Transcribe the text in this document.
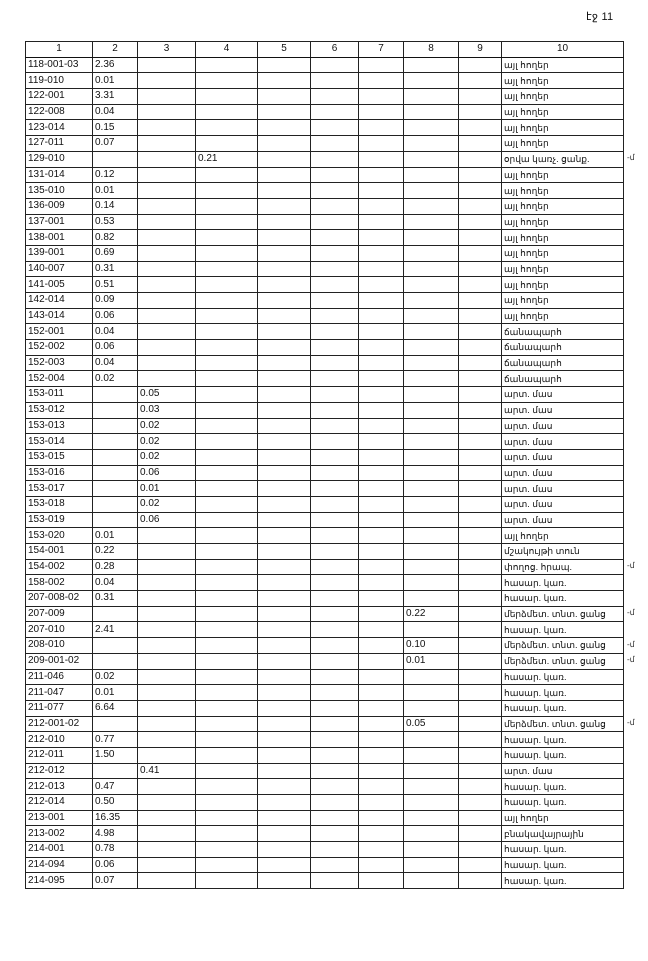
էջ 11
1	2	3	4	5	6	7	8	9	10
118-001-03	2.36								այլ հողեր
119-010	0.01								այլ հողեր
122-001	3.31								այլ հողեր
122-008	0.04								այլ հողեր
123-014	0.15								այլ հողեր
127-011	0.07								այլ հողեր
129-010			0.21						օրվա կառչ. ցանք.
131-014	0.12								այլ հողեր
135-010	0.01								այլ հողեր
136-009	0.14								այլ հողեր
137-001	0.53								այլ հողեր
138-001	0.82								այլ հողեր
139-001	0.69								այլ հողեր
140-007	0.31								այլ հողեր
141-005	0.51								այլ հողեր
142-014	0.09								այլ հողեր
143-014	0.06								այլ հողեր
152-001	0.04								ճանապարհ
152-002	0.06								ճանապարհ
152-003	0.04								ճանապարհ
152-004	0.02								ճանապարհ
153-011		0.05							արտ. մաս
153-012		0.03							արտ. մաս
153-013		0.02							արտ. մաս
153-014		0.02							արտ. մաս
153-015		0.02							արտ. մաս
153-016		0.06							արտ. մաս
153-017		0.01							արտ. մաս
153-018		0.02							արտ. մաս
153-019		0.06							արտ. մաս
153-020	0.01								այլ հողեր
154-001	0.22								մշակույթի տուն
154-002	0.28								փողոց. հրապ.
158-002	0.04								հասար. կառ.
207-008-02	0.31								հասար. կառ.
207-009							0.22		մերձմետ. տնտ. ցանց
207-010	2.41								հասար. կառ.
208-010							0.10		մերձմետ. տնտ. ցանց
209-001-02							0.01		մերձմետ. տնտ. ցանց
211-046	0.02								հասար. կառ.
211-047	0.01								հասար. կառ.
211-077	6.64								հասար. կառ.
212-001-02							0.05		մերձմետ. տնտ. ցանց
212-010	0.77								հասար. կառ.
212-011	1.50								հասար. կառ.
212-012		0.41							արտ. մաս
212-013	0.47								հասար. կառ.
212-014	0.50								հասար. կառ.
213-001	16.35								այլ հողեր
213-002	4.98								բնակավայրային
214-001	0.78								հասար. կառ.
214-094	0.06								հասար. կառ.
214-095	0.07								հասար. կառ.
-մ
-մ
-մ
-մ
-մ
-մ
